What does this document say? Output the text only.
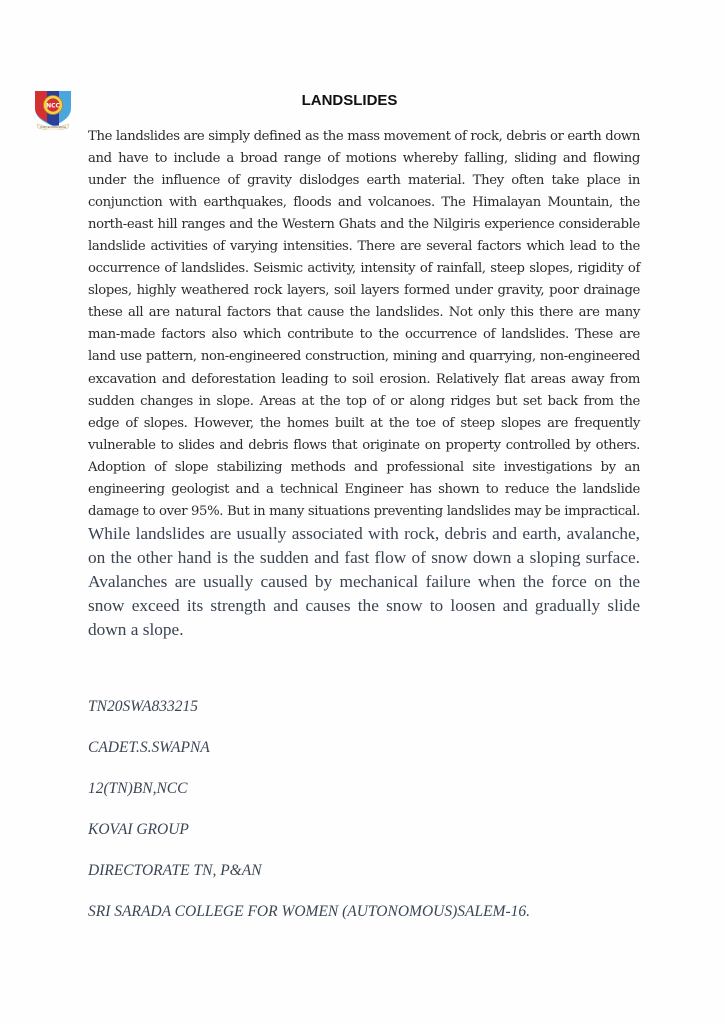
NCC
Unity and Discipline
LANDSLIDES

The landslides are simply defined as the mass movement of rock, debris or earth down and have to include a broad range of motions whereby falling, sliding and flowing under the influence of gravity dislodges earth material. They often take place in conjunction with earthquakes, floods and volcanoes. The Himalayan Mountain, the north-east hill ranges and the Western Ghats and the Nilgiris experience considerable landslide activities of varying intensities. There are several factors which lead to the occurrence of landslides. Seismic activity, intensity of rainfall, steep slopes, rigidity of slopes, highly weathered rock layers, soil layers formed under gravity, poor drainage these all are natural factors that cause the landslides. Not only this there are many man-made factors also which contribute to the occurrence of landslides. These are land use pattern, non-engineered construction, mining and quarrying, non-engineered excavation and deforestation leading to soil erosion. Relatively flat areas away from sudden changes in slope. Areas at the top of or along ridges but set back from the edge of slopes. However, the homes built at the toe of steep slopes are frequently vulnerable to slides and debris flows that originate on property controlled by others. Adoption of slope stabilizing methods and professional site investigations by an engineering geologist and a technical Engineer has shown to reduce the landslide damage to over 95%. But in many situations preventing landslides may be impractical. While landslides are usually associated with rock, debris and earth, avalanche, on the other hand is the sudden and fast flow of snow down a sloping surface. Avalanches are usually caused by mechanical failure when the force on the snow exceed its strength and causes the snow to loosen and gradually slide down a slope.

TN20SWA833215
CADET.S.SWAPNA
12(TN)BN,NCC
KOVAI GROUP
DIRECTORATE TN, P&AN
SRI SARADA COLLEGE FOR WOMEN (AUTONOMOUS)SALEM-16.
